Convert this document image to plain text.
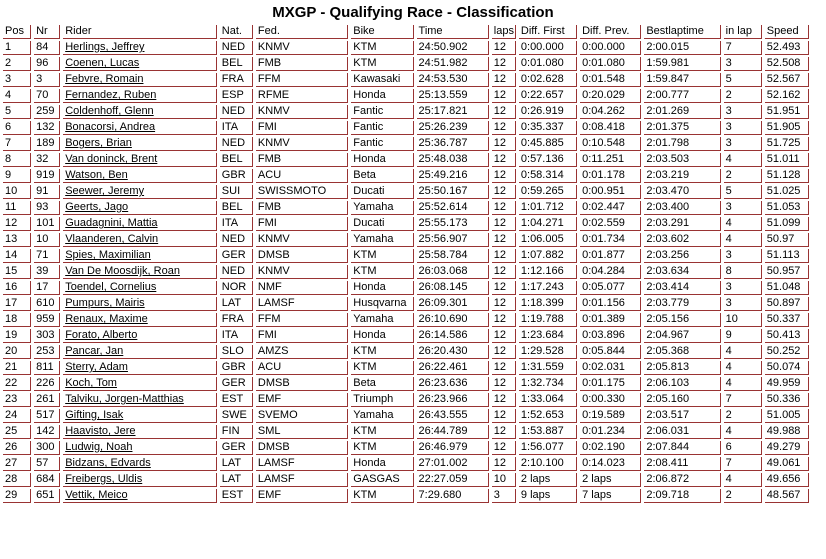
MXGP - Qualifying Race - Classification
Pos	Nr	Rider	Nat.	Fed.	Bike	Time	laps	Diff. First	Diff. Prev.	Bestlaptime	in lap	Speed
1	84	Herlings, Jeffrey	NED	KNMV	KTM	24:50.902	12	0:00.000	0:00.000	2:00.015	7	52.493
2	96	Coenen, Lucas	BEL	FMB	KTM	24:51.982	12	0:01.080	0:01.080	1:59.981	3	52.508
3	3	Febvre, Romain	FRA	FFM	Kawasaki	24:53.530	12	0:02.628	0:01.548	1:59.847	5	52.567
4	70	Fernandez, Ruben	ESP	RFME	Honda	25:13.559	12	0:22.657	0:20.029	2:00.777	2	52.162
5	259	Coldenhoff, Glenn	NED	KNMV	Fantic	25:17.821	12	0:26.919	0:04.262	2:01.269	3	51.951
6	132	Bonacorsi, Andrea	ITA	FMI	Fantic	25:26.239	12	0:35.337	0:08.418	2:01.375	3	51.905
7	189	Bogers, Brian	NED	KNMV	Fantic	25:36.787	12	0:45.885	0:10.548	2:01.798	3	51.725
8	32	Van doninck, Brent	BEL	FMB	Honda	25:48.038	12	0:57.136	0:11.251	2:03.503	4	51.011
9	919	Watson, Ben	GBR	ACU	Beta	25:49.216	12	0:58.314	0:01.178	2:03.219	2	51.128
10	91	Seewer, Jeremy	SUI	SWISSMOTO	Ducati	25:50.167	12	0:59.265	0:00.951	2:03.470	5	51.025
11	93	Geerts, Jago	BEL	FMB	Yamaha	25:52.614	12	1:01.712	0:02.447	2:03.400	3	51.053
12	101	Guadagnini, Mattia	ITA	FMI	Ducati	25:55.173	12	1:04.271	0:02.559	2:03.291	4	51.099
13	10	Vlaanderen, Calvin	NED	KNMV	Yamaha	25:56.907	12	1:06.005	0:01.734	2:03.602	4	50.97
14	71	Spies, Maximilian	GER	DMSB	KTM	25:58.784	12	1:07.882	0:01.877	2:03.256	3	51.113
15	39	Van De Moosdijk, Roan	NED	KNMV	KTM	26:03.068	12	1:12.166	0:04.284	2:03.634	8	50.957
16	17	Toendel, Cornelius	NOR	NMF	Honda	26:08.145	12	1:17.243	0:05.077	2:03.414	3	51.048
17	610	Pumpurs, Mairis	LAT	LAMSF	Husqvarna	26:09.301	12	1:18.399	0:01.156	2:03.779	3	50.897
18	959	Renaux, Maxime	FRA	FFM	Yamaha	26:10.690	12	1:19.788	0:01.389	2:05.156	10	50.337
19	303	Forato, Alberto	ITA	FMI	Honda	26:14.586	12	1:23.684	0:03.896	2:04.967	9	50.413
20	253	Pancar, Jan	SLO	AMZS	KTM	26:20.430	12	1:29.528	0:05.844	2:05.368	4	50.252
21	811	Sterry, Adam	GBR	ACU	KTM	26:22.461	12	1:31.559	0:02.031	2:05.813	4	50.074
22	226	Koch, Tom	GER	DMSB	Beta	26:23.636	12	1:32.734	0:01.175	2:06.103	4	49.959
23	261	Talviku, Jorgen-Matthias	EST	EMF	Triumph	26:23.966	12	1:33.064	0:00.330	2:05.160	7	50.336
24	517	Gifting, Isak	SWE	SVEMO	Yamaha	26:43.555	12	1:52.653	0:19.589	2:03.517	2	51.005
25	142	Haavisto, Jere	FIN	SML	KTM	26:44.789	12	1:53.887	0:01.234	2:06.031	4	49.988
26	300	Ludwig, Noah	GER	DMSB	KTM	26:46.979	12	1:56.077	0:02.190	2:07.844	6	49.279
27	57	Bidzans, Edvards	LAT	LAMSF	Honda	27:01.002	12	2:10.100	0:14.023	2:08.411	7	49.061
28	684	Freibergs, Uldis	LAT	LAMSF	GASGAS	22:27.059	10	2 laps	2 laps	2:06.872	4	49.656
29	651	Vettik, Meico	EST	EMF	KTM	7:29.680	3	9 laps	7 laps	2:09.718	2	48.567
